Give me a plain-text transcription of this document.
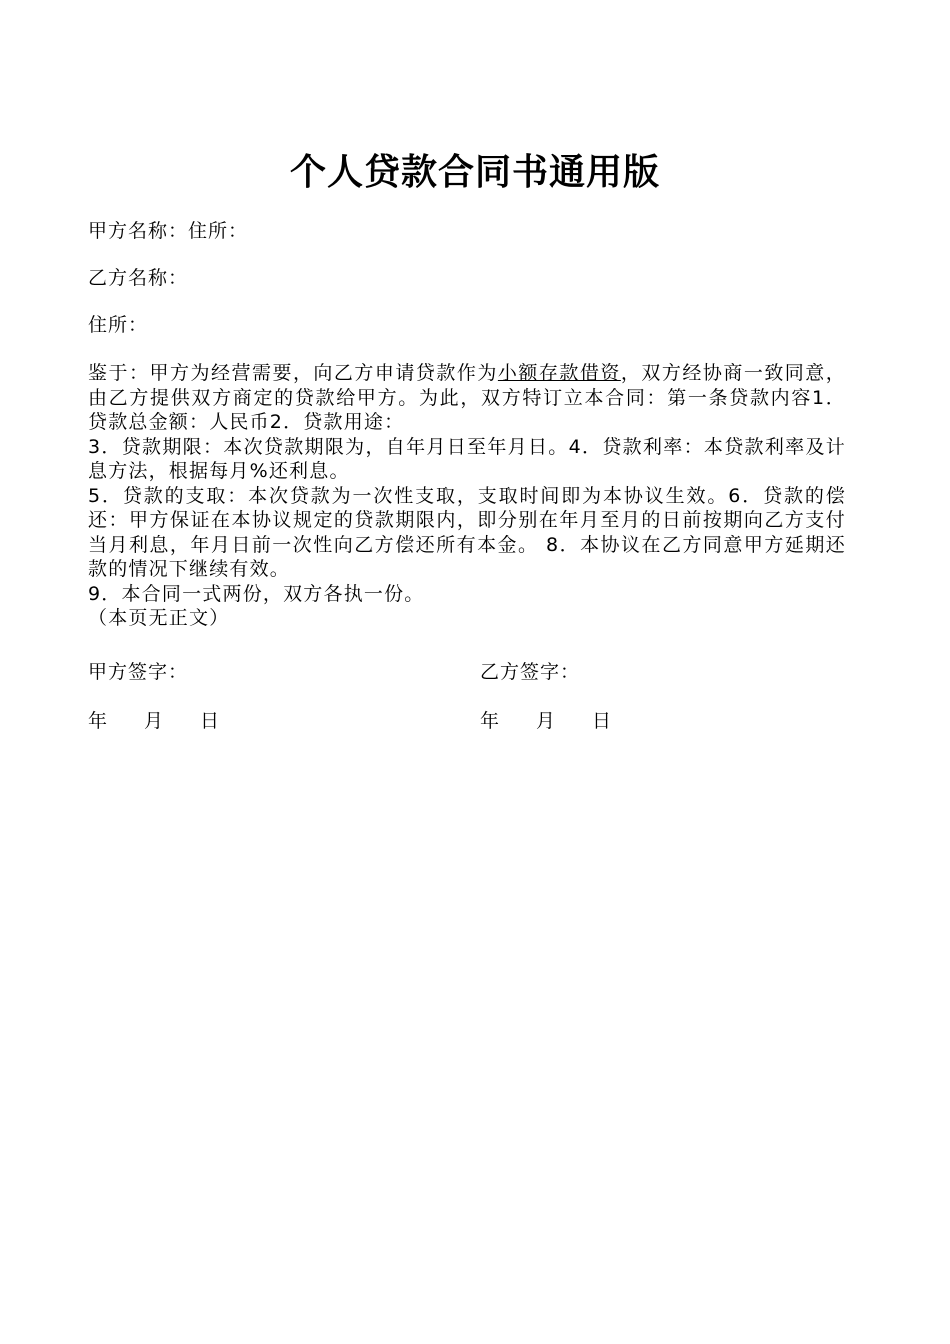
个人贷款合同书通用版
甲方名称：住所：
乙方名称：
住所：

鉴于：甲方为经营需要，向乙方申请贷款作为小额存款借资，双方经协商一致同意，由乙方提供双方商定的贷款给甲方。为此，双方特订立本合同：第一条贷款内容1．贷款总金额：人民币2．贷款用途：

3．贷款期限：本次贷款期限为，自年月日至年月日。4．贷款利率：本贷款利率及计息方法，根据每月%还利息。

5．贷款的支取：本次贷款为一次性支取，支取时间即为本协议生效。6．贷款的偿还：甲方保证在本协议规定的贷款期限内，即分别在年月至月的日前按期向乙方支付当月利息，年月日前一次性向乙方偿还所有本金。 8．本协议在乙方同意甲方延期还款的情况下继续有效。

9．本合同一式两份，双方各执一份。

（本页无正文）

甲方签字：	乙方签字：
年 月 日	年 月 日
